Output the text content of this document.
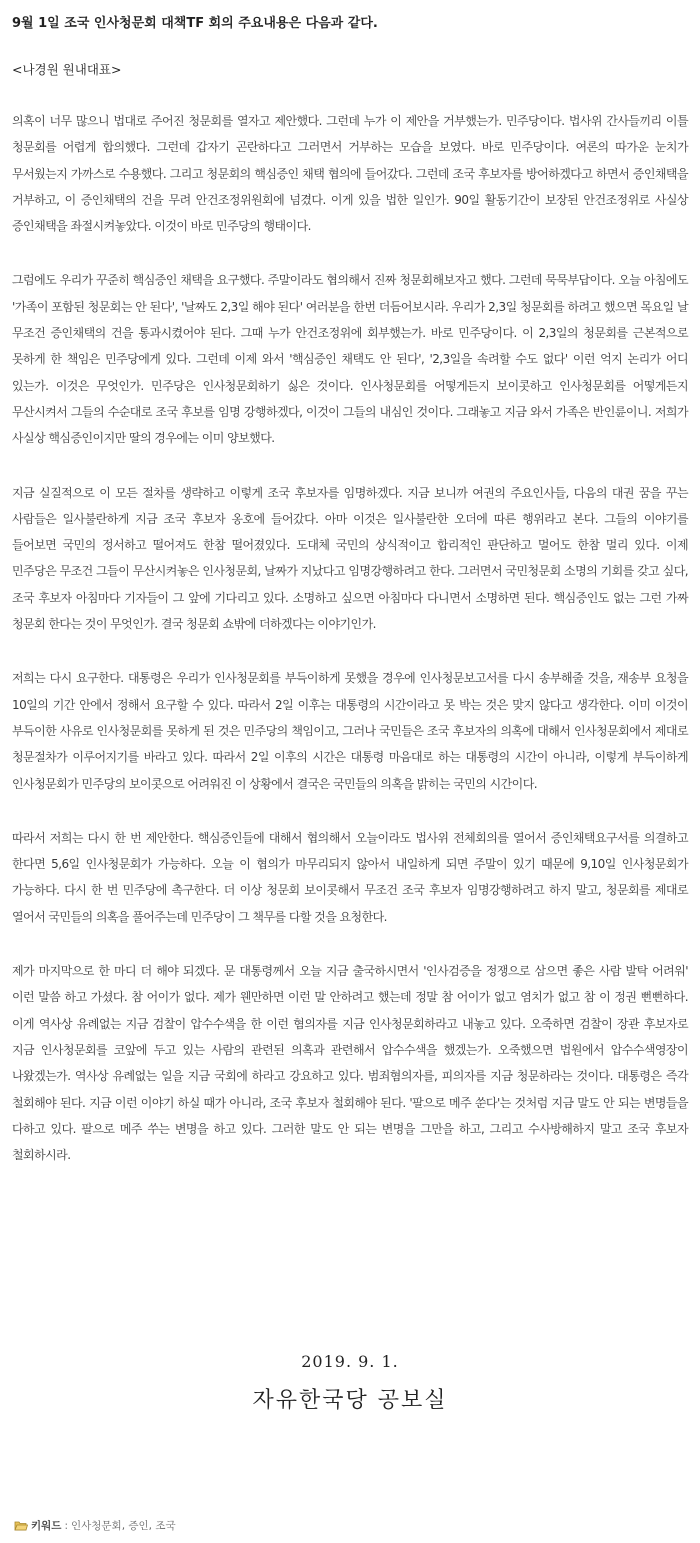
9월 1일 조국 인사청문회 대책TF 회의 주요내용은 다음과 같다.
<나경원 원내대표>
의혹이 너무 많으니 법대로 주어진 청문회를 열자고 제안했다. 그런데 누가 이 제안을 거부했는가. 민주당이다. 법사위 간사들끼리 이틀 청문회를 어렵게 합의했다. 그런데 갑자기 곤란하다고 그러면서 거부하는 모습을 보였다. 바로 민주당이다. 여론의 따가운 눈치가 무서웠는지 가까스로 수용했다. 그리고 청문회의 핵심증인 채택 협의에 들어갔다. 그런데 조국 후보자를 방어하겠다고 하면서 증인채택을 거부하고, 이 증인채택의 건을 무려 안건조정위원회에 넘겼다. 이게 있을 법한 일인가. 90일 활동기간이 보장된 안건조정위로 사실상 증인채택을 좌절시켜놓았다. 이것이 바로 민주당의 행태이다.
그럼에도 우리가 꾸준히 핵심증인 채택을 요구했다. 주말이라도 협의해서 진짜 청문회해보자고 했다. 그런데 묵묵부답이다. 오늘 아침에도 '가족이 포함된 청문회는 안 된다', '날짜도 2,3일 해야 된다' 여러분을 한번 더듬어보시라. 우리가 2,3일 청문회를 하려고 했으면 목요일 날 무조건 증인채택의 건을 통과시켰어야 된다. 그때 누가 안건조정위에 회부했는가. 바로 민주당이다. 이 2,3일의 청문회를 근본적으로 못하게 한 책임은 민주당에게 있다. 그런데 이제 와서 '핵심증인 채택도 안 된다', '2,3일을 속려할 수도 없다' 이런 억지 논리가 어디 있는가. 이것은 무엇인가. 민주당은 인사청문회하기 싫은 것이다. 인사청문회를 어떻게든지 보이콧하고 인사청문회를 어떻게든지 무산시켜서 그들의 수순대로 조국 후보를 임명 강행하겠다, 이것이 그들의 내심인 것이다. 그래놓고 지금 와서 가족은 반인륜이니. 저희가 사실상 핵심증인이지만 딸의 경우에는 이미 양보했다.
지금 실질적으로 이 모든 절차를 생략하고 이렇게 조국 후보자를 임명하겠다. 지금 보니까 여권의 주요인사들, 다음의 대권 꿈을 꾸는 사람들은 일사불란하게 지금 조국 후보자 옹호에 들어갔다. 아마 이것은 일사불란한 오더에 따른 행위라고 본다. 그들의 이야기를 들어보면 국민의 정서하고 떨어져도 한참 떨어졌있다. 도대체 국민의 상식적이고 합리적인 판단하고 멀어도 한참 멀리 있다. 이제 민주당은 무조건 그들이 무산시켜놓은 인사청문회, 날짜가 지났다고 임명강행하려고 한다. 그러면서 국민청문회 소명의 기회를 갖고 싶다, 조국 후보자 아침마다 기자들이 그 앞에 기다리고 있다. 소명하고 싶으면 아침마다 다니면서 소명하면 된다. 핵심증인도 없는 그런 가짜 청문회 한다는 것이 무엇인가. 결국 청문회 쇼밖에 더하겠다는 이야기인가.
저희는 다시 요구한다. 대통령은 우리가 인사청문회를 부득이하게 못했을 경우에 인사청문보고서를 다시 송부해줄 것을, 재송부 요청을 10일의 기간 안에서 정해서 요구할 수 있다. 따라서 2일 이후는 대통령의 시간이라고 못 박는 것은 맞지 않다고 생각한다. 이미 이것이 부득이한 사유로 인사청문회를 못하게 된 것은 민주당의 책임이고, 그러나 국민들은 조국 후보자의 의혹에 대해서 인사청문회에서 제대로 청문절차가 이루어지기를 바라고 있다. 따라서 2일 이후의 시간은 대통령 마음대로 하는 대통령의 시간이 아니라, 이렇게 부득이하게 인사청문회가 민주당의 보이콧으로 어려워진 이 상황에서 결국은 국민들의 의혹을 밝히는 국민의 시간이다.
따라서 저희는 다시 한 번 제안한다. 핵심증인들에 대해서 협의해서 오늘이라도 법사위 전체회의를 열어서 증인채택요구서를 의결하고 한다면 5,6일 인사청문회가 가능하다. 오늘 이 협의가 마무리되지 않아서 내일하게 되면 주말이 있기 때문에 9,10일 인사청문회가 가능하다. 다시 한 번 민주당에 촉구한다. 더 이상 청문회 보이콧해서 무조건 조국 후보자 임명강행하려고 하지 말고, 청문회를 제대로 열어서 국민들의 의혹을 풀어주는데 민주당이 그 책무를 다할 것을 요청한다.
제가 마지막으로 한 마디 더 해야 되겠다. 문 대통령께서 오늘 지금 출국하시면서 '인사검증을 정쟁으로 삼으면 좋은 사람 발탁 어려워' 이런 말씀 하고 가셨다. 참 어이가 없다. 제가 웬만하면 이런 말 안하려고 했는데 정말 참 어이가 없고 염치가 없고 참 이 정권 뻔뻔하다. 이게 역사상 유례없는 지금 검찰이 압수수색을 한 이런 혐의자를 지금 인사청문회하라고 내놓고 있다. 오죽하면 검찰이 장관 후보자로 지금 인사청문회를 코앞에 두고 있는 사람의 관련된 의혹과 관련해서 압수수색을 했겠는가. 오죽했으면 법원에서 압수수색영장이 나왔겠는가. 역사상 유례없는 일을 지금 국회에 하라고 강요하고 있다. 범죄혐의자를, 피의자를 지금 청문하라는 것이다. 대통령은 즉각 철회해야 된다. 지금 이런 이야기 하실 때가 아니라, 조국 후보자 철회해야 된다. '팔으로 메주 쑨다'는 것처럼 지금 말도 안 되는 변명들을 다하고 있다. 팔으로 메주 쑤는 변명을 하고 있다. 그러한 말도 안 되는 변명을 그만을 하고, 그리고 수사방해하지 말고 조국 후보자 철회하시라.
2019. 9. 1.
자유한국당 공보실
키워드 : 인사청문회, 증인, 조국
